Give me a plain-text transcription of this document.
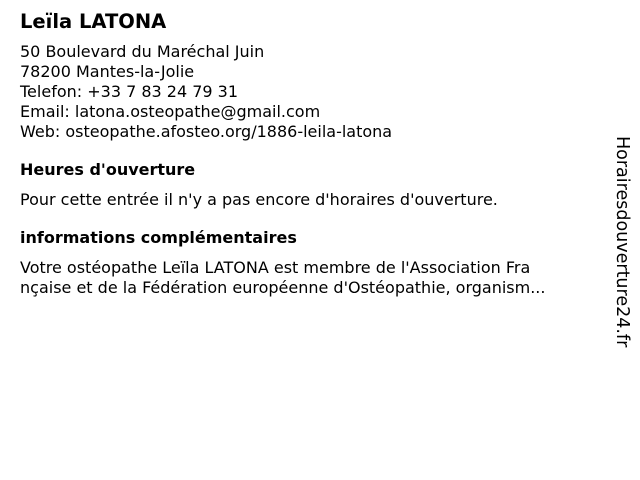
Leïla LATONA
50 Boulevard du Maréchal Juin
78200 Mantes-la-Jolie
Telefon: +33 7 83 24 79 31
Email: latona.osteopathe@gmail.com
Web: osteopathe.afosteo.org/1886-leila-latona
Heures d'ouverture
Pour cette entrée il n'y a pas encore d'horaires d'ouverture.
informations complémentaires
Votre ostéopathe Leïla LATONA est membre de l'Association Fra
nçaise et de la Fédération européenne d'Ostéopathie, organism...	Horairesdouverture24.fr
